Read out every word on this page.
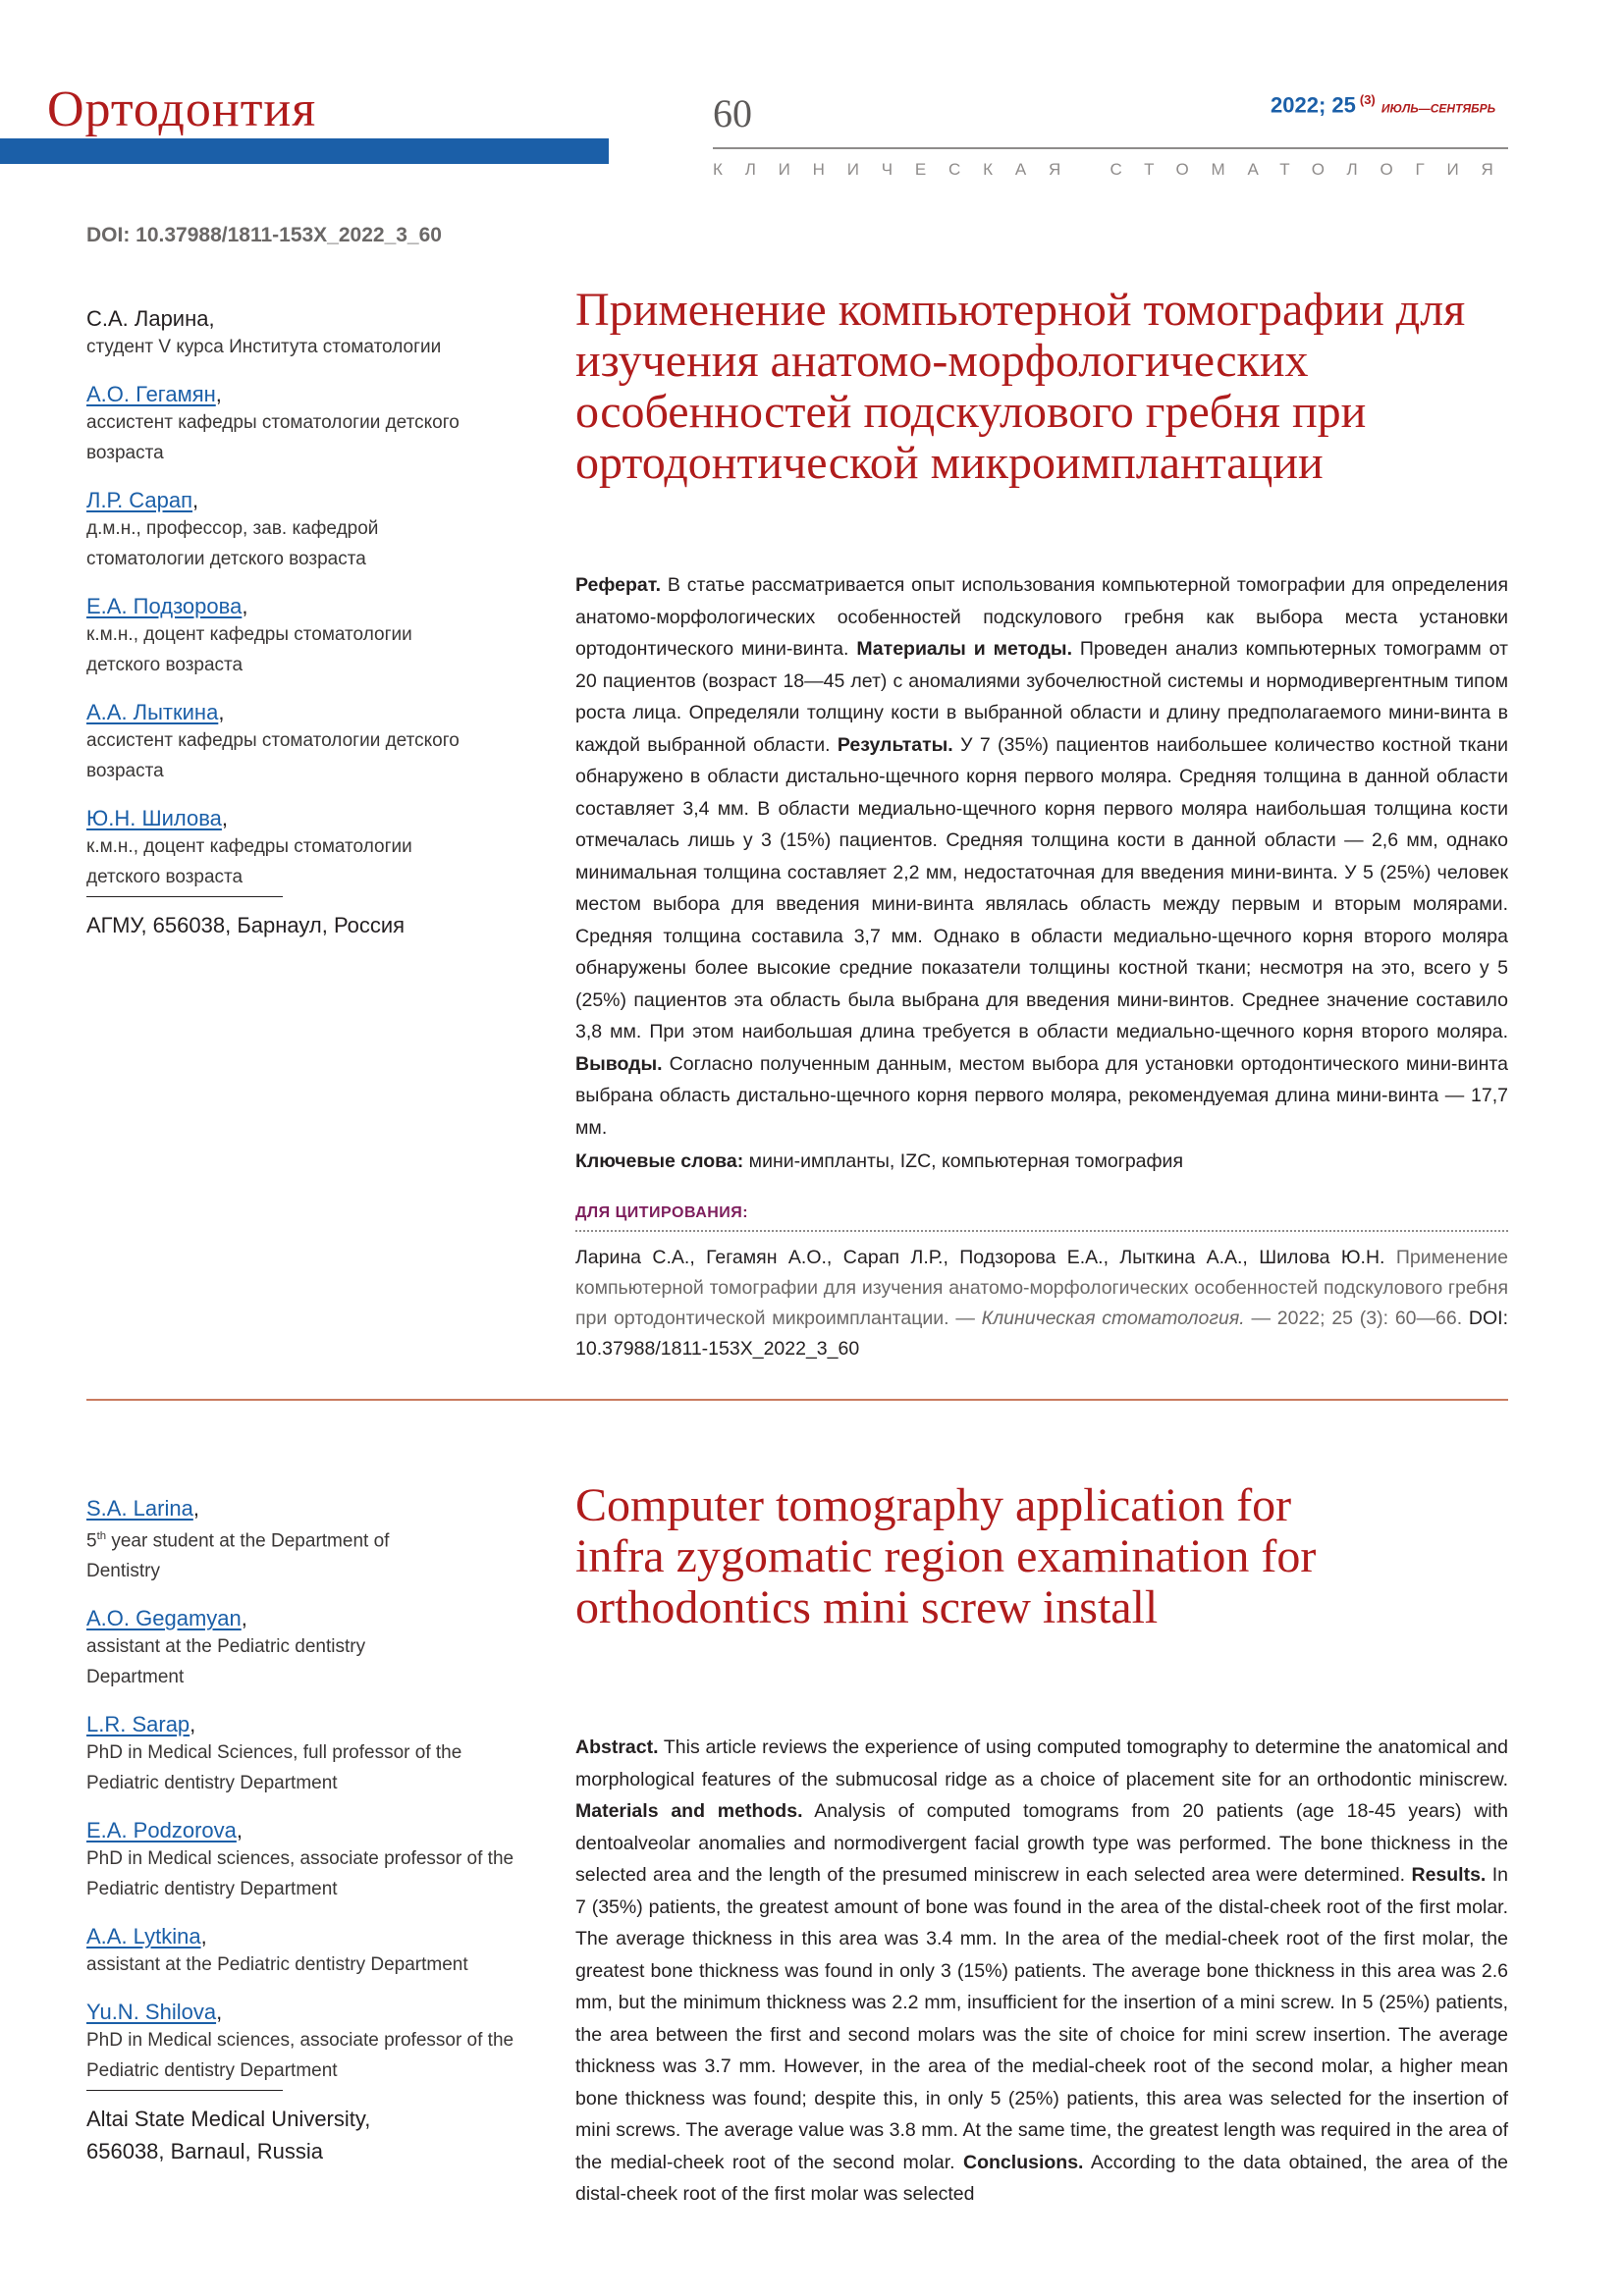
Ортодонтия	60	2022; 25 $^{(3)}$ ИЮЛЬ—СЕНТЯБРЬ
КЛИНИЧЕСКАЯ СТОМАТОЛОГИЯ
DOI: 10.37988/1811-153X_2022_3_60
С.А. Ларина,
студент V курса Института стоматологии
А.О. Гегамян,
ассистент кафедры стоматологии детского возраста
Л.Р. Сарап,
д.м.н., профессор, зав. кафедрой стоматологии детского возраста
Е.А. Подзорова,
к.м.н., доцент кафедры стоматологии детского возраста
А.А. Лыткина,
ассистент кафедры стоматологии детского возраста
Ю.Н. Шилова,
к.м.н., доцент кафедры стоматологии детского возраста
АГМУ, 656038, Барнаул, Россия
Применение компьютерной томографии для изучения анатомо-морфологических особенностей подскулового гребня при ортодонтической микроимплантации
Реферат. В статье рассматривается опыт использования компьютерной томографии для определения анатомо-морфологических особенностей подскулового гребня как выбора места установки ортодонтического мини-винта. Материалы и методы. Проведен анализ компьютерных томограмм от 20 пациентов (возраст 18—45 лет) с аномалиями зубочелюстной системы и нормодивергентным типом роста лица. Определяли толщину кости в выбранной области и длину предполагаемого мини-винта в каждой выбранной области. Результаты. У 7 (35%) пациентов наибольшее количество костной ткани обнаружено в области дистально-щечного корня первого моляра. Средняя толщина в данной области составляет 3,4 мм. В области медиально-щечного корня первого моляра наибольшая толщина кости отмечалась лишь у 3 (15%) пациентов. Средняя толщина кости в данной области — 2,6 мм, однако минимальная толщина составляет 2,2 мм, недостаточная для введения мини-винта. У 5 (25%) человек местом выбора для введения мини-винта являлась область между первым и вторым молярами. Средняя толщина составила 3,7 мм. Однако в области медиально-щечного корня второго моляра обнаружены более высокие средние показатели толщины костной ткани; несмотря на это, всего у 5 (25%) пациентов эта область была выбрана для введения мини-винтов. Среднее значение составило 3,8 мм. При этом наибольшая длина требуется в области медиально-щечного корня второго моляра. Выводы. Согласно полученным данным, местом выбора для установки ортодонтического мини-винта выбрана область дистально-щечного корня первого моляра, рекомендуемая длина мини-винта — 17,7 мм.
Ключевые слова: мини-импланты, IZC, компьютерная томография
ДЛЯ ЦИТИРОВАНИЯ:
Ларина С.А., Гегамян А.О., Сарап Л.Р., Подзорова Е.А., Лыткина А.А., Шилова Ю.Н. Применение компьютерной томографии для изучения анатомо-морфологических особенностей подскулового гребня при ортодонтической микроимплантации. — Клиническая стоматология. — 2022; 25 (3): 60—66. DOI: 10.37988/1811-153X_2022_3_60
S.A. Larina,
5th year student at the Department of Dentistry
A.O. Gegamyan,
assistant at the Pediatric dentistry Department
L.R. Sarap,
PhD in Medical Sciences, full professor of the Pediatric dentistry Department
E.A. Podzorova,
PhD in Medical sciences, associate professor of the Pediatric dentistry Department
A.A. Lytkina,
assistant at the Pediatric dentistry Department
Yu.N. Shilova,
PhD in Medical sciences, associate professor of the Pediatric dentistry Department
Altai State Medical University, 656038, Barnaul, Russia
Computer tomography application for infra zygomatic region examination for orthodontics mini screw install
Abstract. This article reviews the experience of using computed tomography to determine the anatomical and morphological features of the submucosal ridge as a choice of placement site for an orthodontic miniscrew. Materials and methods. Analysis of computed tomograms from 20 patients (age 18-45 years) with dentoalveolar anomalies and normodivergent facial growth type was performed. The bone thickness in the selected area and the length of the presumed miniscrew in each selected area were determined. Results. In 7 (35%) patients, the greatest amount of bone was found in the area of the distal-cheek root of the first molar. The average thickness in this area was 3.4 mm. In the area of the medial-cheek root of the first molar, the greatest bone thickness was found in only 3 (15%) patients. The average bone thickness in this area was 2.6 mm, but the minimum thickness was 2.2 mm, insufficient for the insertion of a mini screw. In 5 (25%) patients, the area between the first and second molars was the site of choice for mini screw insertion. The average thickness was 3.7 mm. However, in the area of the medial-cheek root of the second molar, a higher mean bone thickness was found; despite this, in only 5 (25%) patients, this area was selected for the insertion of mini screws. The average value was 3.8 mm. At the same time, the greatest length was required in the area of the medial-cheek root of the second molar. Conclusions. According to the data obtained, the area of the distal-cheek root of the first molar was selected
